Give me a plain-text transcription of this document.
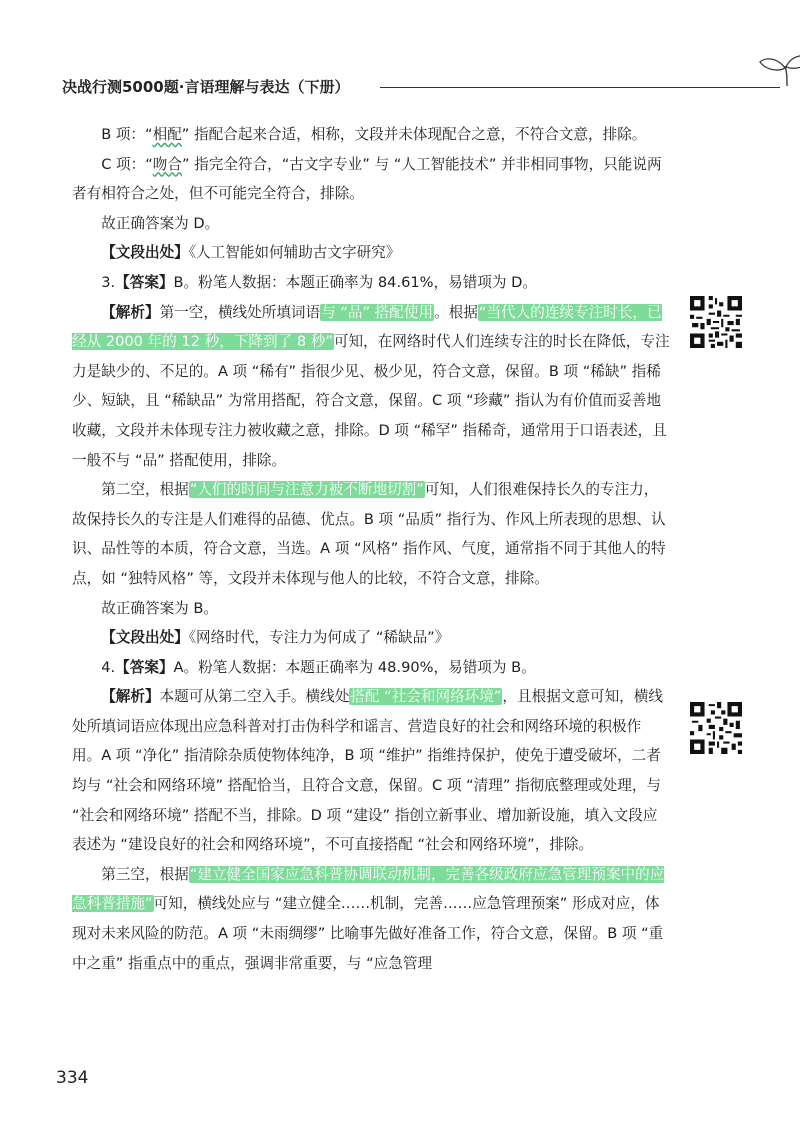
决战行测5000题·言语理解与表达（下册）

B 项：“相配” 指配合起来合适，相称，文段并未体现配合之意，不符合文意，排除。

C 项：“吻合” 指完全符合，“古文字专业” 与 “人工智能技术” 并非相同事物，只能说两者有相符合之处，但不可能完全符合，排除。

故正确答案为 D。

【文段出处】《人工智能如何辅助古文字研究》

3.【答案】B。粉笔人数据：本题正确率为 84.61%，易错项为 D。

【解析】第一空，横线处所填词语与 “品” 搭配使用。根据“当代人的连续专注时长，已经从 2000 年的 12 秒，下降到了 8 秒”可知，在网络时代人们连续专注的时长在降低，专注力是缺少的、不足的。A 项 “稀有” 指很少见、极少见，符合文意，保留。B 项 “稀缺” 指稀少、短缺，且 “稀缺品” 为常用搭配，符合文意，保留。C 项 “珍藏” 指认为有价值而妥善地收藏，文段并未体现专注力被收藏之意，排除。D 项 “稀罕” 指稀奇，通常用于口语表述，且一般不与 “品” 搭配使用，排除。

第二空，根据“人们的时间与注意力被不断地切割”可知，人们很难保持长久的专注力，故保持长久的专注是人们难得的品德、优点。B 项 “品质” 指行为、作风上所表现的思想、认识、品性等的本质，符合文意，当选。A 项 “风格” 指作风、气度，通常指不同于其他人的特点，如 “独特风格” 等，文段并未体现与他人的比较，不符合文意，排除。

故正确答案为 B。

【文段出处】《网络时代，专注力为何成了 “稀缺品”》

4.【答案】A。粉笔人数据：本题正确率为 48.90%，易错项为 B。

【解析】本题可从第二空入手。横线处搭配 “社会和网络环境”，且根据文意可知，横线处所填词语应体现出应急科普对打击伪科学和谣言、营造良好的社会和网络环境的积极作用。A 项 “净化” 指清除杂质使物体纯净，B 项 “维护” 指维持保护，使免于遭受破坏，二者均与 “社会和网络环境” 搭配恰当，且符合文意，保留。C 项 “清理” 指彻底整理或处理，与 “社会和网络环境” 搭配不当，排除。D 项 “建设” 指创立新事业、增加新设施，填入文段应表述为 “建设良好的社会和网络环境”，不可直接搭配 “社会和网络环境”，排除。

第三空，根据“建立健全国家应急科普协调联动机制，完善各级政府应急管理预案中的应急科普措施”可知，横线处应与 “建立健全……机制，完善……应急管理预案” 形成对应，体现对未来风险的防范。A 项 “未雨绸缪” 比喻事先做好准备工作，符合文意，保留。B 项 “重中之重” 指重点中的重点，强调非常重要，与 “应急管理

334
